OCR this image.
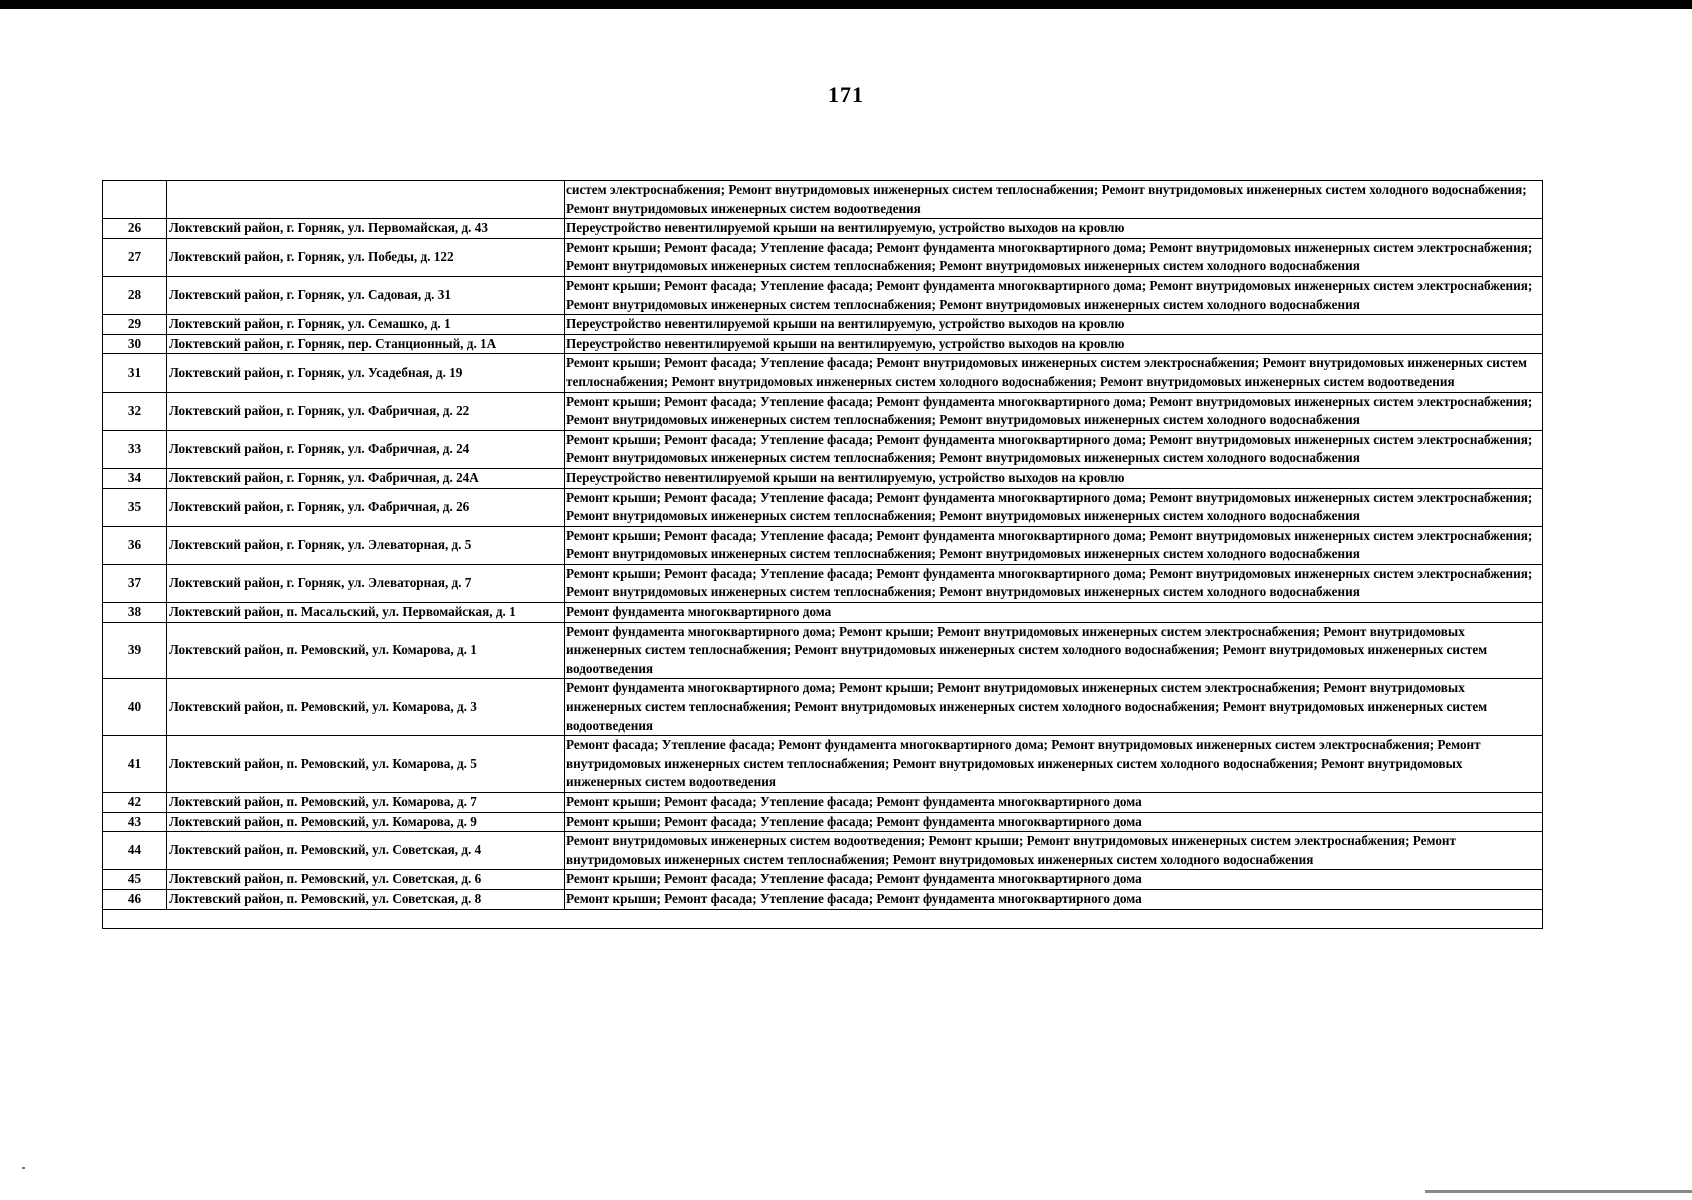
171
		систем электроснабжения; Ремонт внутридомовых инженерных систем теплоснабжения; Ремонт внутридомовых инженерных систем холодного водоснабжения; Ремонт внутридомовых инженерных систем водоотведения
26	Локтевский район, г. Горняк, ул. Первомайская, д. 43	Переустройство невентилируемой крыши на вентилируемую, устройство выходов на кровлю
27	Локтевский район, г. Горняк, ул. Победы, д. 122	Ремонт крыши; Ремонт фасада; Утепление фасада; Ремонт фундамента многоквартирного дома; Ремонт внутридомовых инженерных систем электроснабжения; Ремонт внутридомовых инженерных систем теплоснабжения; Ремонт внутридомовых инженерных систем холодного водоснабжения
28	Локтевский район, г. Горняк, ул. Садовая, д. 31	Ремонт крыши; Ремонт фасада; Утепление фасада; Ремонт фундамента многоквартирного дома; Ремонт внутридомовых инженерных систем электроснабжения; Ремонт внутридомовых инженерных систем теплоснабжения; Ремонт внутридомовых инженерных систем холодного водоснабжения
29	Локтевский район, г. Горняк, ул. Семашко, д. 1	Переустройство невентилируемой крыши на вентилируемую, устройство выходов на кровлю
30	Локтевский район, г. Горняк, пер. Станционный, д. 1А	Переустройство невентилируемой крыши на вентилируемую, устройство выходов на кровлю
31	Локтевский район, г. Горняк, ул. Усадебная, д. 19	Ремонт крыши; Ремонт фасада; Утепление фасада; Ремонт внутридомовых инженерных систем электроснабжения; Ремонт внутридомовых инженерных систем теплоснабжения; Ремонт внутридомовых инженерных систем холодного водоснабжения; Ремонт внутридомовых инженерных систем водоотведения
32	Локтевский район, г. Горняк, ул. Фабричная, д. 22	Ремонт крыши; Ремонт фасада; Утепление фасада; Ремонт фундамента многоквартирного дома; Ремонт внутридомовых инженерных систем электроснабжения; Ремонт внутридомовых инженерных систем теплоснабжения; Ремонт внутридомовых инженерных систем холодного водоснабжения
33	Локтевский район, г. Горняк, ул. Фабричная, д. 24	Ремонт крыши; Ремонт фасада; Утепление фасада; Ремонт фундамента многоквартирного дома; Ремонт внутридомовых инженерных систем электроснабжения; Ремонт внутридомовых инженерных систем теплоснабжения; Ремонт внутридомовых инженерных систем холодного водоснабжения
34	Локтевский район, г. Горняк, ул. Фабричная, д. 24А	Переустройство невентилируемой крыши на вентилируемую, устройство выходов на кровлю
35	Локтевский район, г. Горняк, ул. Фабричная, д. 26	Ремонт крыши; Ремонт фасада; Утепление фасада; Ремонт фундамента многоквартирного дома; Ремонт внутридомовых инженерных систем электроснабжения; Ремонт внутридомовых инженерных систем теплоснабжения; Ремонт внутридомовых инженерных систем холодного водоснабжения
36	Локтевский район, г. Горняк, ул. Элеваторная, д. 5	Ремонт крыши; Ремонт фасада; Утепление фасада; Ремонт фундамента многоквартирного дома; Ремонт внутридомовых инженерных систем электроснабжения; Ремонт внутридомовых инженерных систем теплоснабжения; Ремонт внутридомовых инженерных систем холодного водоснабжения
37	Локтевский район, г. Горняк, ул. Элеваторная, д. 7	Ремонт крыши; Ремонт фасада; Утепление фасада; Ремонт фундамента многоквартирного дома; Ремонт внутридомовых инженерных систем электроснабжения; Ремонт внутридомовых инженерных систем теплоснабжения; Ремонт внутридомовых инженерных систем холодного водоснабжения
38	Локтевский район, п. Масальский, ул. Первомайская, д. 1	Ремонт фундамента многоквартирного дома
39	Локтевский район, п. Ремовский, ул. Комарова, д. 1	Ремонт фундамента многоквартирного дома; Ремонт крыши; Ремонт внутридомовых инженерных систем электроснабжения; Ремонт внутридомовых инженерных систем теплоснабжения; Ремонт внутридомовых инженерных систем холодного водоснабжения; Ремонт внутридомовых инженерных систем водоотведения
40	Локтевский район, п. Ремовский, ул. Комарова, д. 3	Ремонт фундамента многоквартирного дома; Ремонт крыши; Ремонт внутридомовых инженерных систем электроснабжения; Ремонт внутридомовых инженерных систем теплоснабжения; Ремонт внутридомовых инженерных систем холодного водоснабжения; Ремонт внутридомовых инженерных систем водоотведения
41	Локтевский район, п. Ремовский, ул. Комарова, д. 5	Ремонт фасада; Утепление фасада; Ремонт фундамента многоквартирного дома; Ремонт внутридомовых инженерных систем электроснабжения; Ремонт внутридомовых инженерных систем теплоснабжения; Ремонт внутридомовых инженерных систем холодного водоснабжения; Ремонт внутридомовых инженерных систем водоотведения
42	Локтевский район, п. Ремовский, ул. Комарова, д. 7	Ремонт крыши; Ремонт фасада; Утепление фасада; Ремонт фундамента многоквартирного дома
43	Локтевский район, п. Ремовский, ул. Комарова, д. 9	Ремонт крыши; Ремонт фасада; Утепление фасада; Ремонт фундамента многоквартирного дома
44	Локтевский район, п. Ремовский, ул. Советская, д. 4	Ремонт внутридомовых инженерных систем водоотведения; Ремонт крыши; Ремонт внутридомовых инженерных систем электроснабжения; Ремонт внутридомовых инженерных систем теплоснабжения; Ремонт внутридомовых инженерных систем холодного водоснабжения
45	Локтевский район, п. Ремовский, ул. Советская, д. 6	Ремонт крыши; Ремонт фасада; Утепление фасада; Ремонт фундамента многоквартирного дома
46	Локтевский район, п. Ремовский, ул. Советская, д. 8	Ремонт крыши; Ремонт фасада; Утепление фасада; Ремонт фундамента многоквартирного дома
